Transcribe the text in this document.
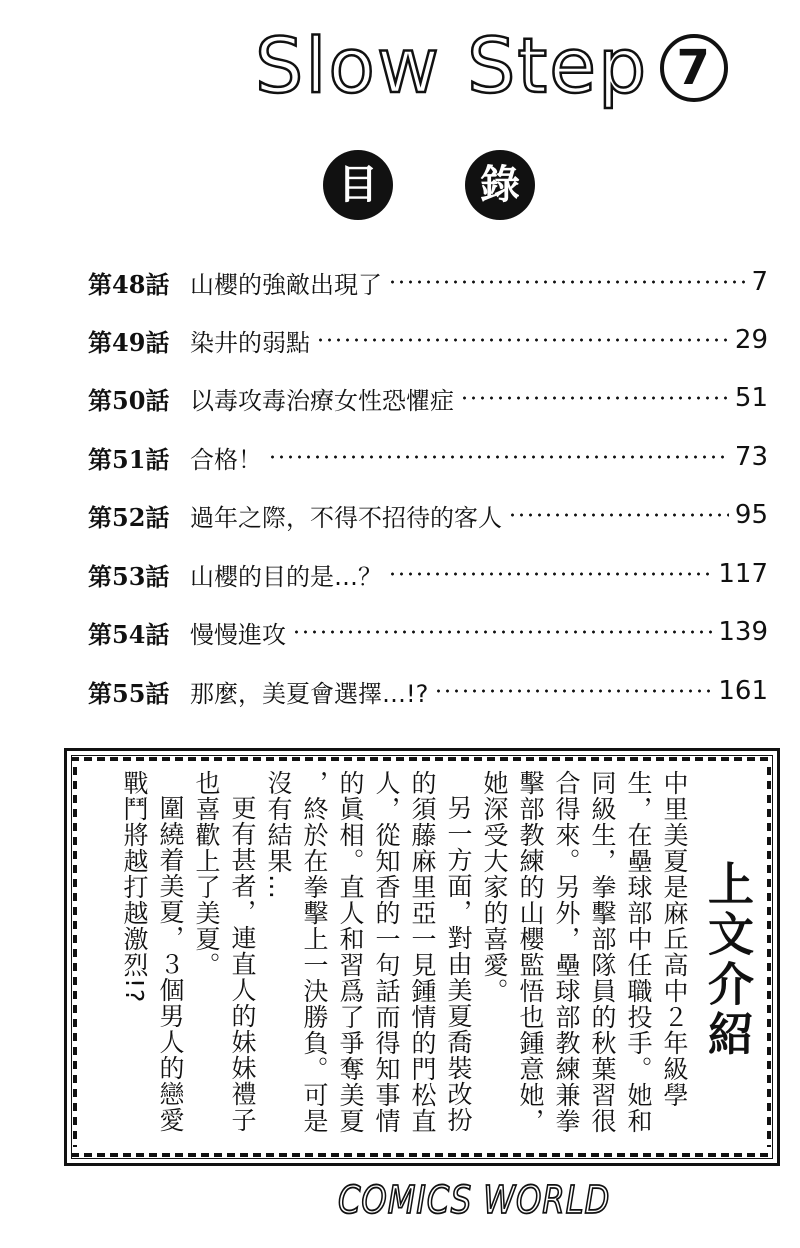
Slow Step 7
目	錄
第48話 山櫻的強敵出現了	7
第49話 染井的弱點	29
第50話 以毒攻毒治療女性恐懼症	51
第51話 合格！	73
第52話 過年之際，不得不招待的客人	95
第53話 山櫻的目的是…？	117
第54話 慢慢進攻	139
第55話 那麼，美夏會選擇…!?	161

上文介紹

中里美夏是麻丘高中２年級學

生，在壘球部中任職投手。她和

同級生，拳擊部隊員的秋葉習很

合得來。另外，壘球部教練兼拳

擊部教練的山櫻監悟也鍾意她，

她深受大家的喜愛。

另一方面，對由美夏喬裝改扮

的須藤麻里亞一見鍾情的門松直

人，從知香的一句話而得知事情

的眞相。直人和習爲了爭奪美夏

，終於在拳擊上一決勝負。可是

沒有結果…

更有甚者，連直人的妹妹禮子

也喜歡上了美夏。

圍繞着美夏，３個男人的戀愛

戰鬥將越打越激烈!?

COMICS WORLD
